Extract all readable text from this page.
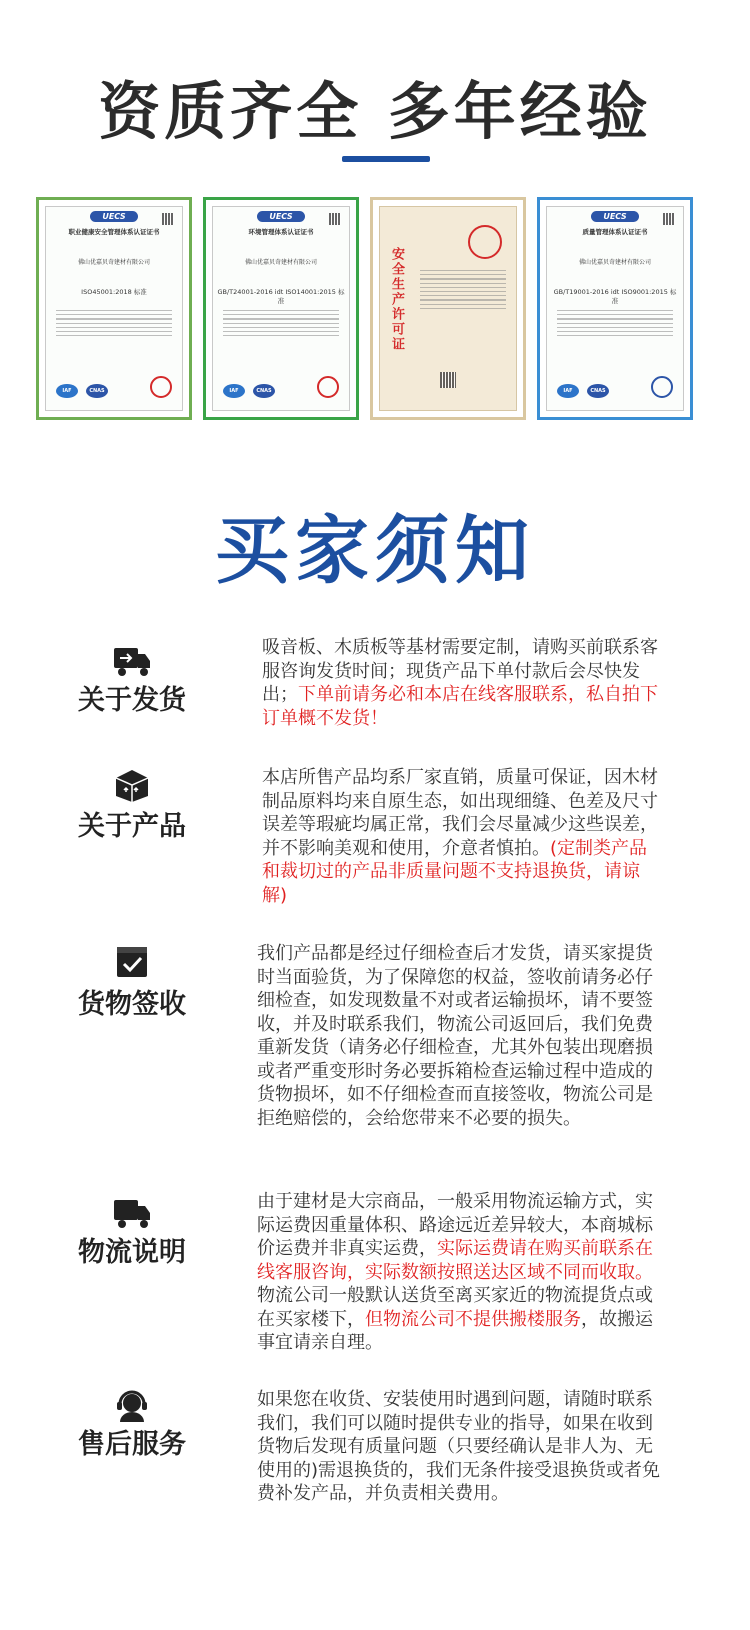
资质齐全 多年经验
UECS
职业健康安全管理体系认证证书
佛山优嘉贝奇建材有限公司
ISO45001:2018 标准
IAF	CNAS
UECS
环境管理体系认证证书
佛山优嘉贝奇建材有限公司
GB/T24001-2016 idt ISO14001:2015 标准
IAF	CNAS
安全生产许可证
UECS
质量管理体系认证证书
佛山优嘉贝奇建材有限公司
GB/T19001-2016 idt ISO9001:2015 标准
IAF	CNAS
买家须知
关于发货
吸音板、木质板等基材需要定制，请购买前联系客服咨询发货时间；现货产品下单付款后会尽快发出；下单前请务必和本店在线客服联系，私自拍下订单概不发货！
关于产品
本店所售产品均系厂家直销，质量可保证，因木材制品原料均来自原生态，如出现细缝、色差及尺寸误差等瑕疵均属正常，我们会尽量减少这些误差，并不影响美观和使用，介意者慎拍。(定制类产品和裁切过的产品非质量问题不支持退换货，请谅解)
货物签收
我们产品都是经过仔细检查后才发货，请买家提货时当面验货，为了保障您的权益，签收前请务必仔细检查，如发现数量不对或者运输损坏，请不要签收，并及时联系我们，物流公司返回后，我们免费重新发货（请务必仔细检查，尤其外包装出现磨损或者严重变形时务必要拆箱检查运输过程中造成的货物损坏，如不仔细检查而直接签收，物流公司是拒绝赔偿的，会给您带来不必要的损失。
物流说明
由于建材是大宗商品，一般采用物流运输方式，实际运费因重量体积、路途远近差异较大，本商城标价运费并非真实运费，实际运费请在购买前联系在线客服咨询，实际数额按照送达区域不同而收取。物流公司一般默认送货至离买家近的物流提货点或在买家楼下，但物流公司不提供搬楼服务，故搬运事宜请亲自理。
售后服务
如果您在收货、安装使用时遇到问题，请随时联系我们，我们可以随时提供专业的指导，如果在收到货物后发现有质量问题（只要经确认是非人为、无使用的)需退换货的，我们无条件接受退换货或者免费补发产品，并负责相关费用。
